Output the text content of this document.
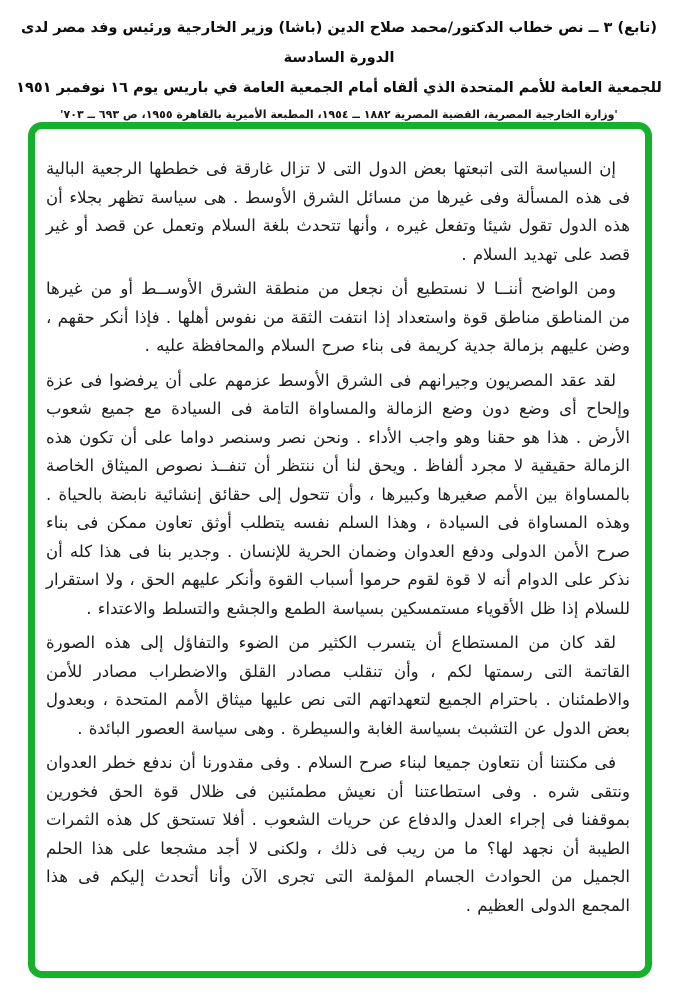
(تابع) ٣ ــ نص خطاب الدكتور/محمد صلاح الدين (باشا) وزير الخارجية ورئيس وفد مصر لدى الدورة السادسة
للجمعية العامة للأمم المتحدة الذي ألقاه أمام الجمعية العامة في باريس يوم ١٦ نوفمبر ١٩٥١
'وزارة الخارجية المصرية، القضية المصرية ١٨٨٢ ــ ١٩٥٤، المطبعة الأميرية بالقاهرة ١٩٥٥، ص ٦٩٣ ــ ٧٠٣'

إن السياسة التى اتبعتها بعض الدول التى لا تزال غارقة فى خططها الرجعية البالية فى هذه المسألة وفى غيرها من مسائل الشرق الأوسط . هى سياسة تظهر بجلاء أن هذه الدول تقول شيئا وتفعل غيره ، وأنها تتحدث بلغة السلام وتعمل عن قصد أو غير قصد على تهديد السلام .

ومن الواضح أننــا لا نستطيع أن نجعل من منطقة الشرق الأوســط أو من غيرها من المناطق مناطق قوة واستعداد إذا انتفت الثقة من نفوس أهلها . فإذا أنكر حقهم ، وضن عليهم بزمالة جدية كريمة فى بناء صرح السلام والمحافظة عليه .

لقد عقد المصريون وجيرانهم فى الشرق الأوسط عزمهم على أن يرفضوا فى عزة وإلحاح أى وضع دون وضع الزمالة والمساواة التامة فى السيادة مع جميع شعوب الأرض . هذا هو حقنا وهو واجب الأداء . ونحن نصر وسنصر دواما على أن تكون هذه الزمالة حقيقية لا مجرد ألفاظ . ويحق لنا أن ننتظر أن تنفــذ نصوص الميثاق الخاصة بالمساواة بين الأمم صغيرها وكبيرها ، وأن تتحول إلى حقائق إنشائية نابضة بالحياة . وهذه المساواة فى السيادة ، وهذا السلم نفسه يتطلب أوثق تعاون ممكن فى بناء صرح الأمن الدولى ودفع العدوان وضمان الحرية للإنسان . وجدير بنا فى هذا كله أن نذكر على الدوام أنه لا قوة لقوم حرموا أسباب القوة وأنكر عليهم الحق ، ولا استقرار للسلام إذا ظل الأقوياء مستمسكين بسياسة الطمع والجشع والتسلط والاعتداء .

لقد كان من المستطاع أن يتسرب الكثير من الضوء والتفاؤل إلى هذه الصورة القاتمة التى رسمتها لكم ، وأن تنقلب مصادر القلق والاضطراب مصادر للأمن والاطمئنان . باحترام الجميع لتعهداتهم التى نص عليها ميثاق الأمم المتحدة ، وبعدول بعض الدول عن التشبث بسياسة الغابة والسيطرة . وهى سياسة العصور البائدة .

فى مكنتنا أن نتعاون جميعا لبناء صرح السلام . وفى مقدورنا أن ندفع خطر العدوان ونتقى شره . وفى استطاعتنا أن نعيش مطمئنين فى ظلال قوة الحق فخورين بموقفنا فى إجراء العدل والدفاع عن حريات الشعوب . أفلا تستحق كل هذه الثمرات الطيبة أن نجهد لها؟ ما من ريب فى ذلك ، ولكنى لا أجد مشجعا على هذا الحلم الجميل من الحوادث الجسام المؤلمة التى تجرى الآن وأنا أتحدث إليكم فى هذا المجمع الدولى العظيم .
